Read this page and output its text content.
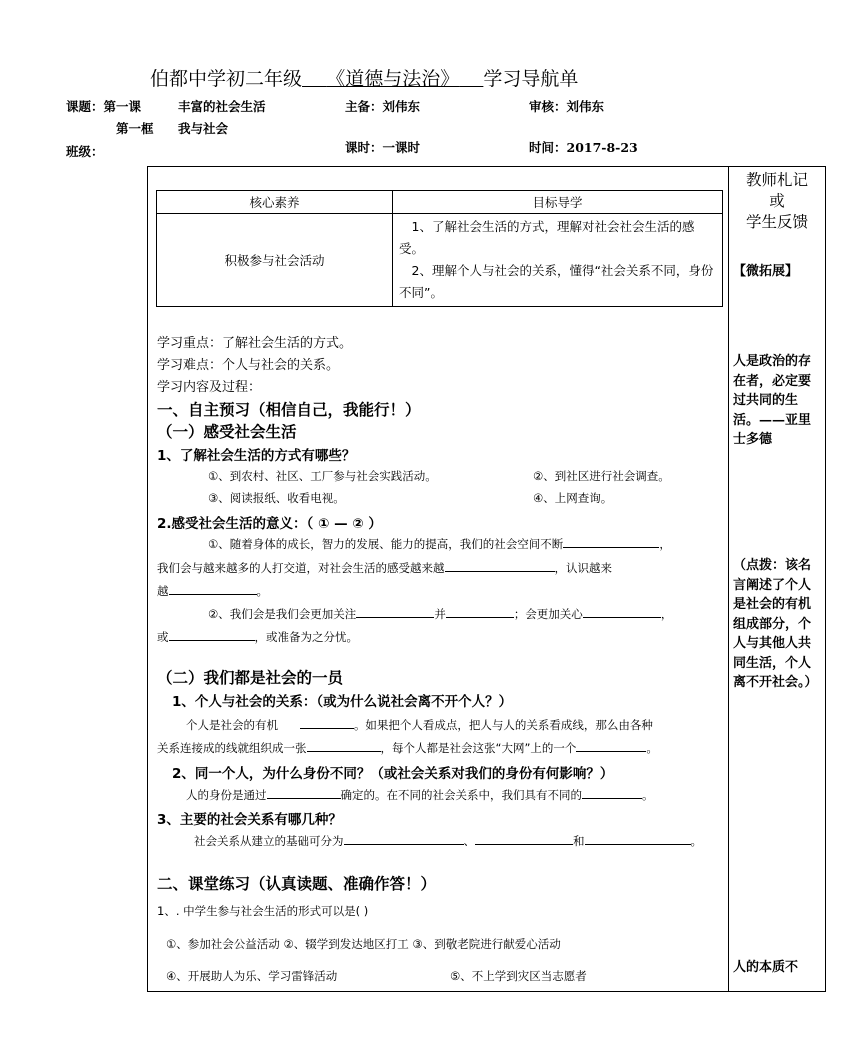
伯都中学初二年级 《道德与法治》 学习导航单
课题：第一课	丰富的社会生活	主备：刘伟东	审核：刘伟东
第一框 我与社会
班级：	课时：一课时	时间：2017-8-23
教师札记
或
学生反馈
【微拓展】
人是政治的存在者，必定要过共同的生活。——亚里士多德
（点拨：该名言阐述了个人是社会的有机组成部分，个人与其他人共同生活，个人离不开社会。）
人的本质不
核心素养	目标导学
积极参与社会活动	1、了解社会生活的方式，理解对社会社会生活的感受。
2、理解个人与社会的关系，懂得“社会关系不同，身份不同”。
学习重点：了解社会生活的方式。
学习难点：个人与社会的关系。
学习内容及过程：
一、自主预习（相信自己，我能行！）
（一）感受社会生活
1、了解社会生活的方式有哪些？
①、到农村、社区、工厂参与社会实践活动。	②、到社区进行社会调查。
③、阅读报纸、收看电视。	④、上网查询。
2.感受社会生活的意义：（ ① — ② ）
①、随着身体的成长，智力的发展、能力的提高，我们的社会空间不断	，
我们会与越来越多的人打交道，对社会生活的感受越来越	，认识越来
越	。
②、我们会是我们会更加关注	并	；会更加关心	，
或	，或准备为之分忧。
（二）我们都是社会的一员
1、个人与社会的关系：（或为什么说社会离不开个人？）
个人是社会的有机	。如果把个人看成点，把人与人的关系看成线，那么由各种
关系连接成的线就组织成一张	，每个人都是社会这张“大网”上的一个	。
2、同一个人，为什么身份不同？（或社会关系对我们的身份有何影响？）
人的身份是通过	确定的。在不同的社会关系中，我们具有不同的	。
3、主要的社会关系有哪几种？
社会关系从建立的基础可分为	、	和	。
二、课堂练习（认真读题、准确作答！）
1、. 中学生参与社会生活的形式可以是( )
①、参加社会公益活动 ②、辍学到发达地区打工 ③、到敬老院进行献爱心活动
④、开展助人为乐、学习雷锋活动	⑤、不上学到灾区当志愿者
